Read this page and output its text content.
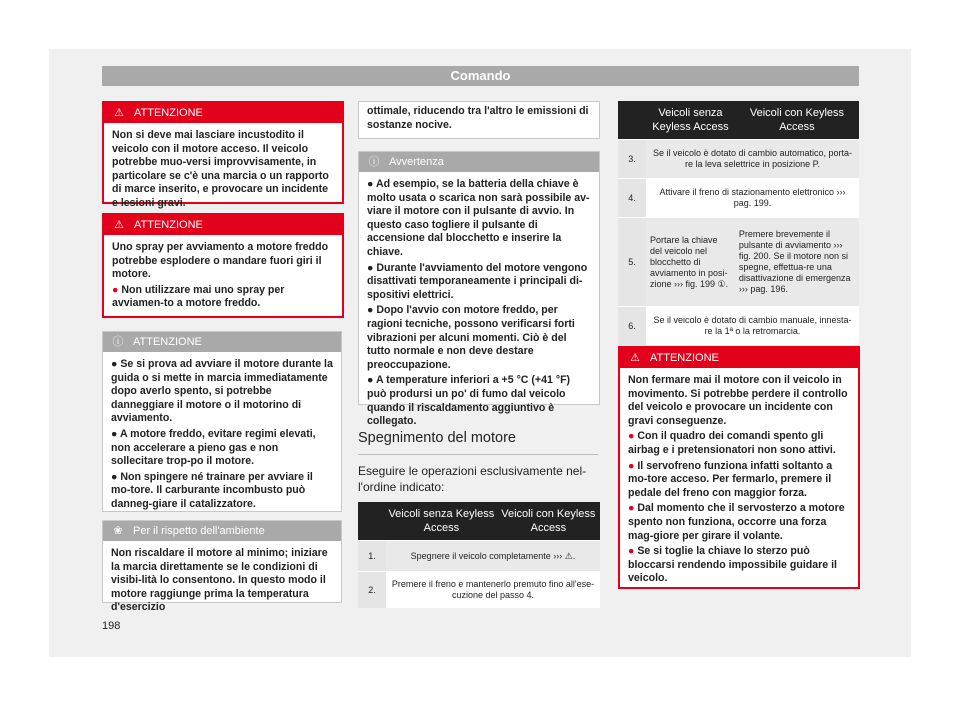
Comando
⚠ ATTENZIONE

Non si deve mai lasciare incustodito il veicolo con il motore acceso. Il veicolo potrebbe muo-versi improvvisamente, in particolare se c'è una marcia o un rapporto di marce inserito, e provocare un incidente e lesioni gravi.

⚠ ATTENZIONE

Uno spray per avviamento a motore freddo potrebbe esplodere o mandare fuori giri il motore.

● Non utilizzare mai uno spray per avviamen-to a motore freddo.

ⓘ ATTENZIONE

● Se si prova ad avviare il motore durante la guida o si mette in marcia immediatamente dopo averlo spento, si potrebbe danneggiare il motore o il motorino di avviamento.

● A motore freddo, evitare regimi elevati, non accelerare a pieno gas e non sollecitare trop-po il motore.

● Non spingere né trainare per avviare il mo-tore. Il carburante incombusto può danneg-giare il catalizzatore.

❀ Per il rispetto dell'ambiente

Non riscaldare il motore al minimo; iniziare la marcia direttamente se le condizioni di visibi-lità lo consentono. In questo modo il motore raggiunge prima la temperatura d'esercizio

ottimale, riducendo tra l'altro le emissioni di sostanze nocive.

ⓘ Avvertenza

● Ad esempio, se la batteria della chiave è molto usata o scarica non sarà possibile av-viare il motore con il pulsante di avvio. In questo caso togliere il pulsante di accensione dal blocchetto e inserire la chiave.

● Durante l'avviamento del motore vengono disattivati temporaneamente i principali di-spositivi elettrici.

● Dopo l'avvio con motore freddo, per ragioni tecniche, possono verificarsi forti vibrazioni per alcuni momenti. Ciò è del tutto normale e non deve destare preoccupazione.

● A temperature inferiori a +5 °C (+41 °F) può prodursi un po' di fumo dal veicolo quando il riscaldamento aggiuntivo è collegato.

Spegnimento del motore
Eseguire le operazioni esclusivamente nel-l'ordine indicato:
	Veicoli senza Keyless Access	Veicoli con Keyless Access
1.	Spegnere il veicolo completamente ››› ⚠.	
2.	Premere il freno e mantenerlo premuto fino all'ese-cuzione del passo 4.	
	Veicoli senza Keyless Access	Veicoli con Keyless Access
3.	Se il veicolo è dotato di cambio automatico, porta-re la leva selettrice in posizione P.	
4.	Attivare il freno di stazionamento elettronico ››› pag. 199.	
5.	Portare la chiave del veicolo nel blocchetto di avviamento in posi-zione ››› fig. 199 ①.	Premere brevemente il pulsante di avviamento ››› fig. 200. Se il motore non si spegne, effettua-re una disattivazione di emergenza ››› pag. 196.
6.	Se il veicolo è dotato di cambio manuale, innesta-re la 1ª o la retromarcia.	
⚠ ATTENZIONE

Non fermare mai il motore con il veicolo in movimento. Si potrebbe perdere il controllo del veicolo e provocare un incidente con gravi conseguenze.

● Con il quadro dei comandi spento gli airbag e i pretensionatori non sono attivi.

● Il servofreno funziona infatti soltanto a mo-tore acceso. Per fermarlo, premere il pedale del freno con maggior forza.

● Dal momento che il servosterzo a motore spento non funziona, occorre una forza mag-giore per girare il volante.

● Se si toglie la chiave lo sterzo può bloccarsi rendendo impossibile guidare il veicolo.

198
